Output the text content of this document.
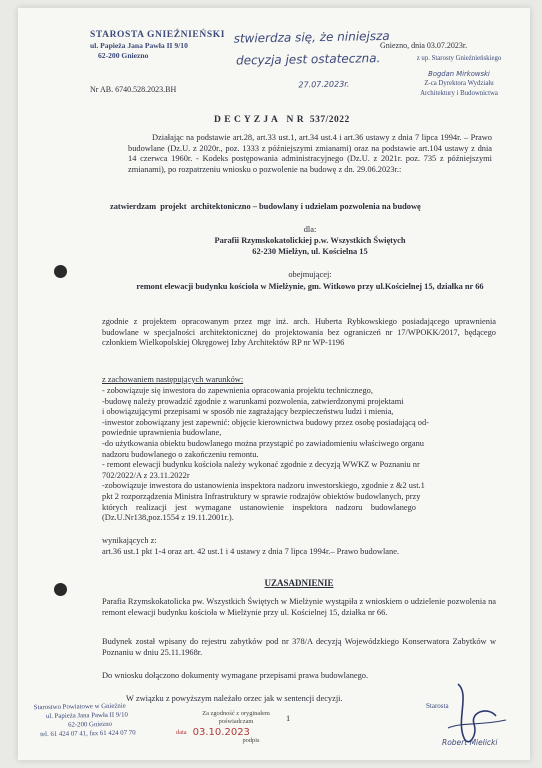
STAROSTA GNIEŹNIEŃSKI
ul. Papieża Jana Pawła II 9/10
62-200 Gniezno
stwierdza się, że niniejsza
decyzja jest ostateczna.
27.07.2023r.
Gniezno, dnia 03.07.2023r.
z up. Starosty Gnieźnieńskiego
Bogdan Mirkowski
Z-ca Dyrektora Wydziału
Architektury i Budownictwa
Nr AB. 6740.528.2023.BH
D E C Y Z J A   N R  537/2022
Działając na podstawie art.28, art.33 ust.1, art.34 ust.4 i art.36 ustawy z dnia 7 lipca 1994r. – Prawo budowlane (Dz.U. z 2020r., poz. 1333 z późniejszymi zmianami) oraz na podstawie art.104 ustawy z dnia 14 czerwca 1960r. - Kodeks postępowania administracyjnego (Dz.U. z 2021r. poz. 735 z późniejszymi zmianami), po rozpatrzeniu wniosku o pozwolenie na budowę z dn. 29.06.2023r.:
zatwierdzam  projekt  architektoniczno – budowlany i udzielam pozwolenia na budowę
dla:
Parafii Rzymskokatolickiej p.w. Wszystkich Świętych
62-230 Mielżyn, ul. Kościelna 15
obejmującej:
remont elewacji budynku kościoła w Mielżynie, gm. Witkowo przy ul.Kościelnej 15, działka nr 66
zgodnie z projektem opracowanym przez mgr inż. arch. Huberta Rybkowskiego posiadającego uprawnienia budowlane w specjalności architektonicznej do projektowania bez ograniczeń nr 17/WPOKK/2017, będącego członkiem Wielkopolskiej Okręgowej Izby Architektów RP nr WP-1196
z zachowaniem następujących warunków:
- zobowiązuje się inwestora do zapewnienia opracowania projektu technicznego,
-budowę należy prowadzić zgodnie z warunkami pozwolenia, zatwierdzonymi projektami
i obowiązującymi przepisami w sposób nie zagrażający bezpieczeństwu ludzi i mienia,
-inwestor zobowiązany jest zapewnić: objęcie kierownictwa budowy przez osobę posiadającą od-
powiednie uprawnienia budowlane,
-do użytkowania obiektu budowlanego można przystąpić po zawiadomieniu właściwego organu
nadzoru budowlanego o zakończeniu remontu.
- remont elewacji budynku kościoła należy wykonać zgodnie z decyzją WWKZ w Poznaniu nr
702/2022/A z 23.11.2022r
-zobowiązuje inwestora do ustanowienia inspektora nadzoru inwestorskiego, zgodnie z &2 ust.1
pkt 2 rozporządzenia Ministra Infrastruktury w sprawie rodzajów obiektów budowlanych, przy
których    realizacji    jest    wymagane    ustanowienie    inspektora    nadzoru    budowlanego
(Dz.U.Nr138,poz.1554 z 19.11.2001r.).
wynikających z:
art.36 ust.1 pkt 1-4 oraz art. 42 ust.1 i 4 ustawy z dnia 7 lipca 1994r.– Prawo budowlane.
UZASADNIENIE
Parafia Rzymskokatolicka pw. Wszystkich Świętych w Mielżynie wystąpiła z wnioskiem o udzielenie pozwolenia na remont elewacji budynku kościoła w Mielżynie przy ul. Kościelnej 15, działka nr 66.
Budynek został wpisany do rejestru zabytków pod nr 378/A decyzją Wojewódzkiego Konserwatora Zabytków w Poznaniu w dniu 25.11.1968r.
Do wniosku dołączono dokumenty wymagane przepisami prawa budowlanego.
W związku z powyższym należało orzec jak w sentencji decyzji.
Starostwo Powiatowe w Gnieźnie
ul. Papieża Jana Pawła II 9/10
62-200 Gniezno
tel. 61 424 07 41, fax 61 424 07 70
Za zgodność z oryginałem
poświadczam
data 03.10.2023
podpis
1
Starosta
Robert Mielicki
